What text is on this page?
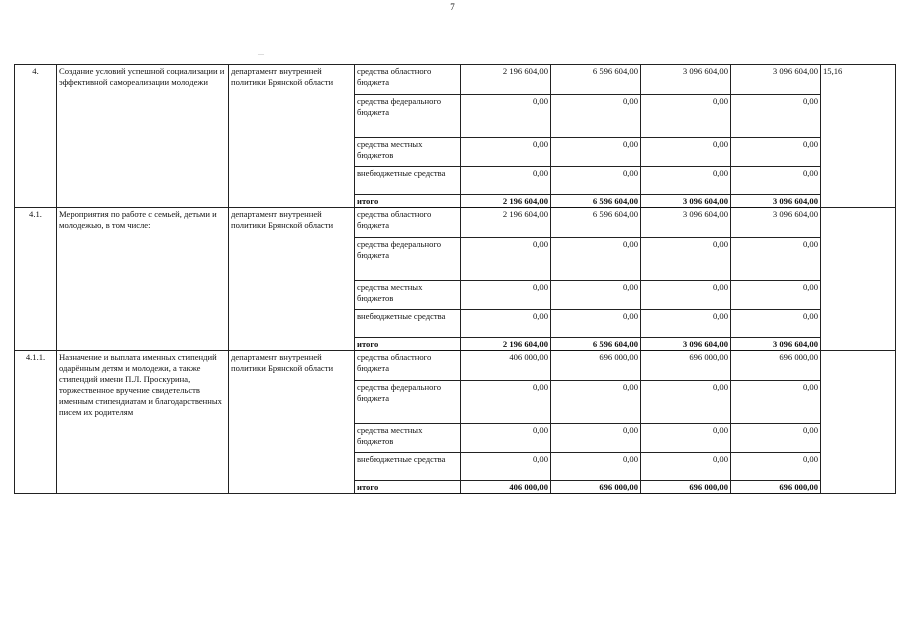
7
—
4.	Создание условий успешной социализации и эффективной самореализации молодежи	департамент внутренней политики Брянской области	средства областного бюджета	2 196 604,00	6 596 604,00	3 096 604,00	3 096 604,00	15,16
			средства федерального бюджета	0,00	0,00	0,00	0,00	
			средства местных бюджетов	0,00	0,00	0,00	0,00	
			внебюджетные средства	0,00	0,00	0,00	0,00	
			итого	2 196 604,00	6 596 604,00	3 096 604,00	3 096 604,00	
4.1.	Мероприятия по работе с семьей, детьми и молодежью, в том числе:	департамент внутренней политики Брянской области	средства областного бюджета	2 196 604,00	6 596 604,00	3 096 604,00	3 096 604,00	
			средства федерального бюджета	0,00	0,00	0,00	0,00	
			средства местных бюджетов	0,00	0,00	0,00	0,00	
			внебюджетные средства	0,00	0,00	0,00	0,00	
			итого	2 196 604,00	6 596 604,00	3 096 604,00	3 096 604,00	
4.1.1.	Назначение и выплата именных стипендий одарённым детям и молодежи, а также стипендий имени П.Л. Проскурина, торжественное вручение свидетельств именным стипендиатам и благодарственных писем их родителям	департамент внутренней политики Брянской области	средства областного бюджета	406 000,00	696 000,00	696 000,00	696 000,00	
			средства федерального бюджета	0,00	0,00	0,00	0,00	
			средства местных бюджетов	0,00	0,00	0,00	0,00	
			внебюджетные средства	0,00	0,00	0,00	0,00	
			итого	406 000,00	696 000,00	696 000,00	696 000,00	
